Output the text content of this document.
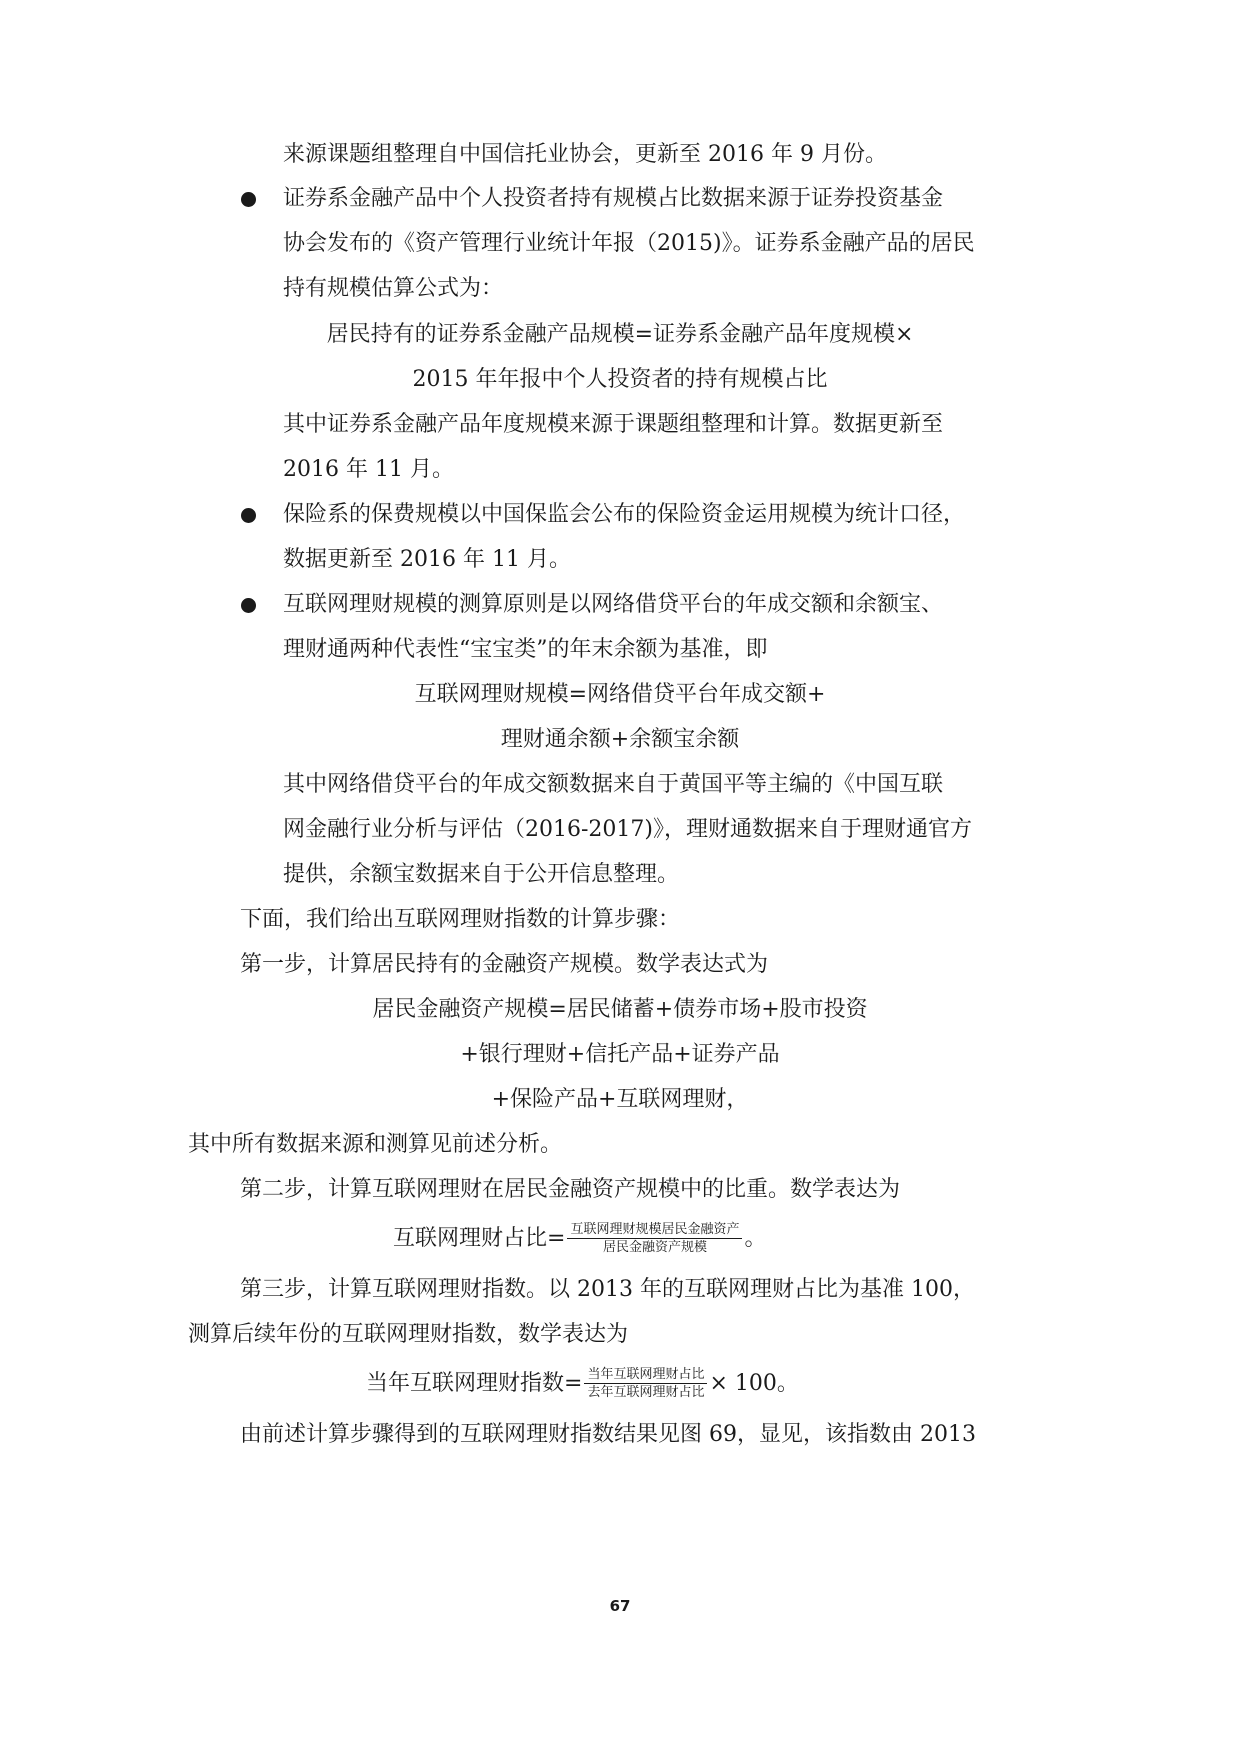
来源课题组整理自中国信托业协会，更新至 2016 年 9 月份。
证券系金融产品中个人投资者持有规模占比数据来源于证券投资基金
协会发布的《资产管理行业统计年报（2015)》。证券系金融产品的居民
持有规模估算公式为：
居民持有的证券系金融产品规模=证券系金融产品年度规模×
2015 年年报中个人投资者的持有规模占比
其中证券系金融产品年度规模来源于课题组整理和计算。数据更新至
2016 年 11 月。
保险系的保费规模以中国保监会公布的保险资金运用规模为统计口径，
数据更新至 2016 年 11 月。
互联网理财规模的测算原则是以网络借贷平台的年成交额和余额宝、
理财通两种代表性“宝宝类”的年末余额为基准，即
互联网理财规模=网络借贷平台年成交额+
理财通余额+余额宝余额
其中网络借贷平台的年成交额数据来自于黄国平等主编的《中国互联
网金融行业分析与评估（2016-2017)》，理财通数据来自于理财通官方
提供，余额宝数据来自于公开信息整理。
下面，我们给出互联网理财指数的计算步骤：
第一步，计算居民持有的金融资产规模。数学表达式为
居民金融资产规模=居民储蓄+债券市场+股市投资
+银行理财+信托产品+证券产品
+保险产品+互联网理财，
其中所有数据来源和测算见前述分析。
第二步，计算互联网理财在居民金融资产规模中的比重。数学表达为
互联网理财占比= $\frac{\text{互联网理财规模居民金融资产}}{\text{居民金融资产规模}}$ 。
第三步，计算互联网理财指数。以 2013 年的互联网理财占比为基准 100，
测算后续年份的互联网理财指数，数学表达为
当年互联网理财指数= $\frac{\text{当年互联网理财占比}}{\text{去年互联网理财占比}} \times 100$。
由前述计算步骤得到的互联网理财指数结果见图 69，显见，该指数由 2013
67
